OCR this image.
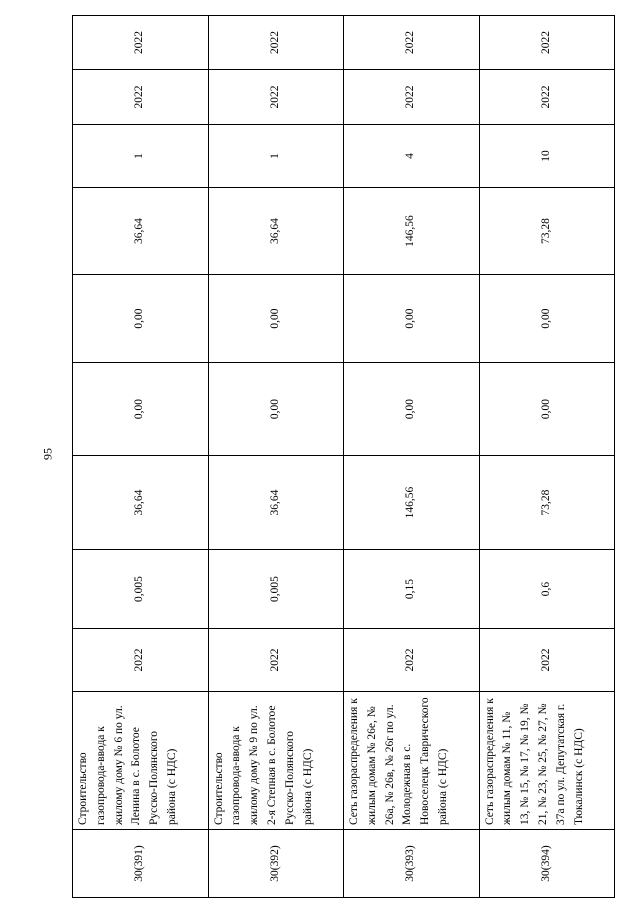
95
30(391)	Строительство газопровода-ввода к жилому дому № 6 по ул. Ленина в с. Болотое Русско-Полянского района (с НДС)	2022	0,005	36,64	0,00	0,00	36,64	1	2022	2022
30(392)	Строительство газопровода-ввода к жилому дому № 9 по ул. 2-я Степная в с. Болотое Русско-Полянского района (с НДС)	2022	0,005	36,64	0,00	0,00	36,64	1	2022	2022
30(393)	Сеть газораспределения к жилым домам № 26е, № 26а, № 26в, № 26г по ул. Молодежная в с. Новоселецк Таврического района (с НДС)	2022	0,15	146,56	0,00	0,00	146,56	4	2022	2022
30(394)	Сеть газораспределения к жилым домам № 11, № 13, № 15, № 17, № 19, № 21, № 23, № 25, № 27, № 37а по ул. Депутатская г. Тюкалинск (с НДС)	2022	0,6	73,28	0,00	0,00	73,28	10	2022	2022
